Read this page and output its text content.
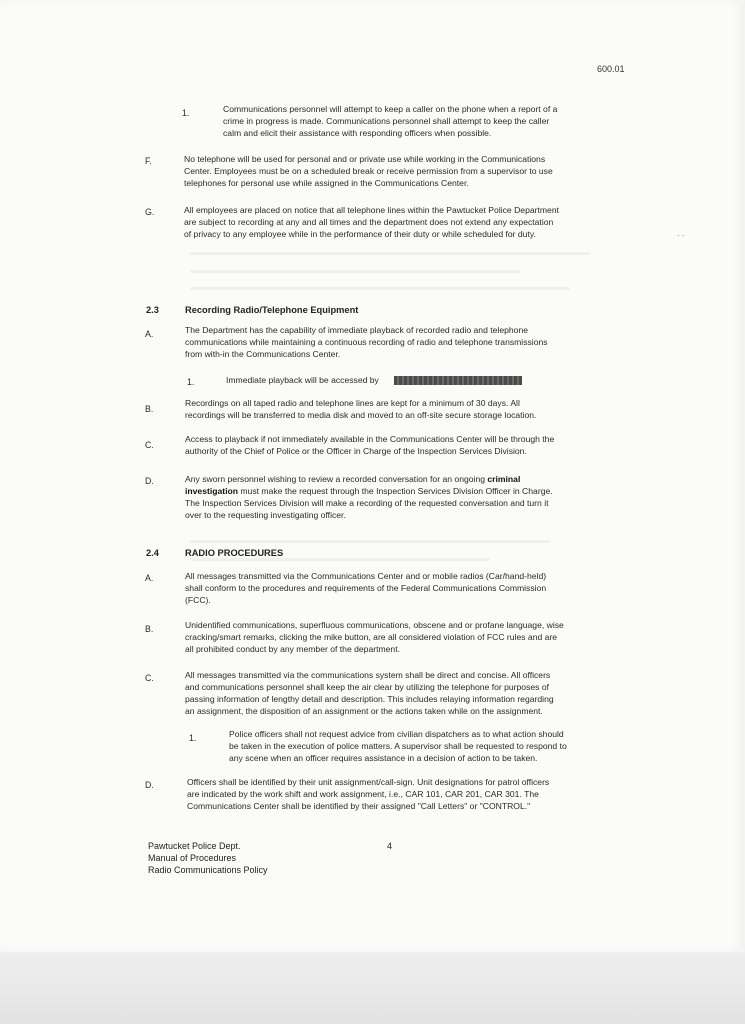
600.01
1.	Communications personnel will attempt to keep a caller on the phone when a report of a
crime in progress is made. Communications personnel shall attempt to keep the caller
calm and elicit their assistance with responding officers when possible.
F.	No telephone will be used for personal and or private use while working in the Communications
Center. Employees must be on a scheduled break or receive permission from a supervisor to use
telephones for personal use while assigned in the Communications Center.
G.	All employees are placed on notice that all telephone lines within the Pawtucket Police Department
are subject to recording at any and all times and the department does not extend any expectation
of privacy to any employee while in the performance of their duty or while scheduled for duty.	- -
2.3	Recording Radio/Telephone Equipment
A.	The Department has the capability of immediate playback of recorded radio and telephone
communications while maintaining a continuous recording of radio and telephone transmissions
from with-in the Communications Center.
1.	Immediate playback will be accessed by
B.
Recordings on all taped radio and telephone lines are kept for a minimum of 30 days. All
recordings will be transferred to media disk and moved to an off-site secure storage location.
C.
Access to playback if not immediately available in the Communications Center will be through the
authority of the Chief of Police or the Officer in Charge of the Inspection Services Division.
D.	Any sworn personnel wishing to review a recorded conversation for an ongoing criminal
investigation must make the request through the Inspection Services Division Officer in Charge.
The Inspection Services Division will make a recording of the requested conversation and turn it
over to the requesting investigating officer.
2.4	RADIO PROCEDURES
A.	All messages transmitted via the Communications Center and or mobile radios (Car/hand-held)
shall conform to the procedures and requirements of the Federal Communications Commission
(FCC).
B.	Unidentified communications, superfluous communications, obscene and or profane language, wise
cracking/smart remarks, clicking the mike button, are all considered violation of FCC rules and are
all prohibited conduct by any member of the department.
C.	All messages transmitted via the communications system shall be direct and concise. All officers
and communications personnel shall keep the air clear by utilizing the telephone for purposes of
passing information of lengthy detail and description. This includes relaying information regarding
an assignment, the disposition of an assignment or the actions taken while on the assignment.
1.	Police officers shall not request advice from civilian dispatchers as to what action should
be taken in the execution of police matters. A supervisor shall be requested to respond to
any scene when an officer requires assistance in a decision of action to be taken.
D.	Officers shall be identified by their unit assignment/call-sign. Unit designations for patrol officers
are indicated by the work shift and work assignment, i.e., CAR 101, CAR 201, CAR 301. The
Communications Center shall be identified by their assigned "Call Letters" or "CONTROL."
Pawtucket Police Dept.
Manual of Procedures
Radio Communications Policy
4
